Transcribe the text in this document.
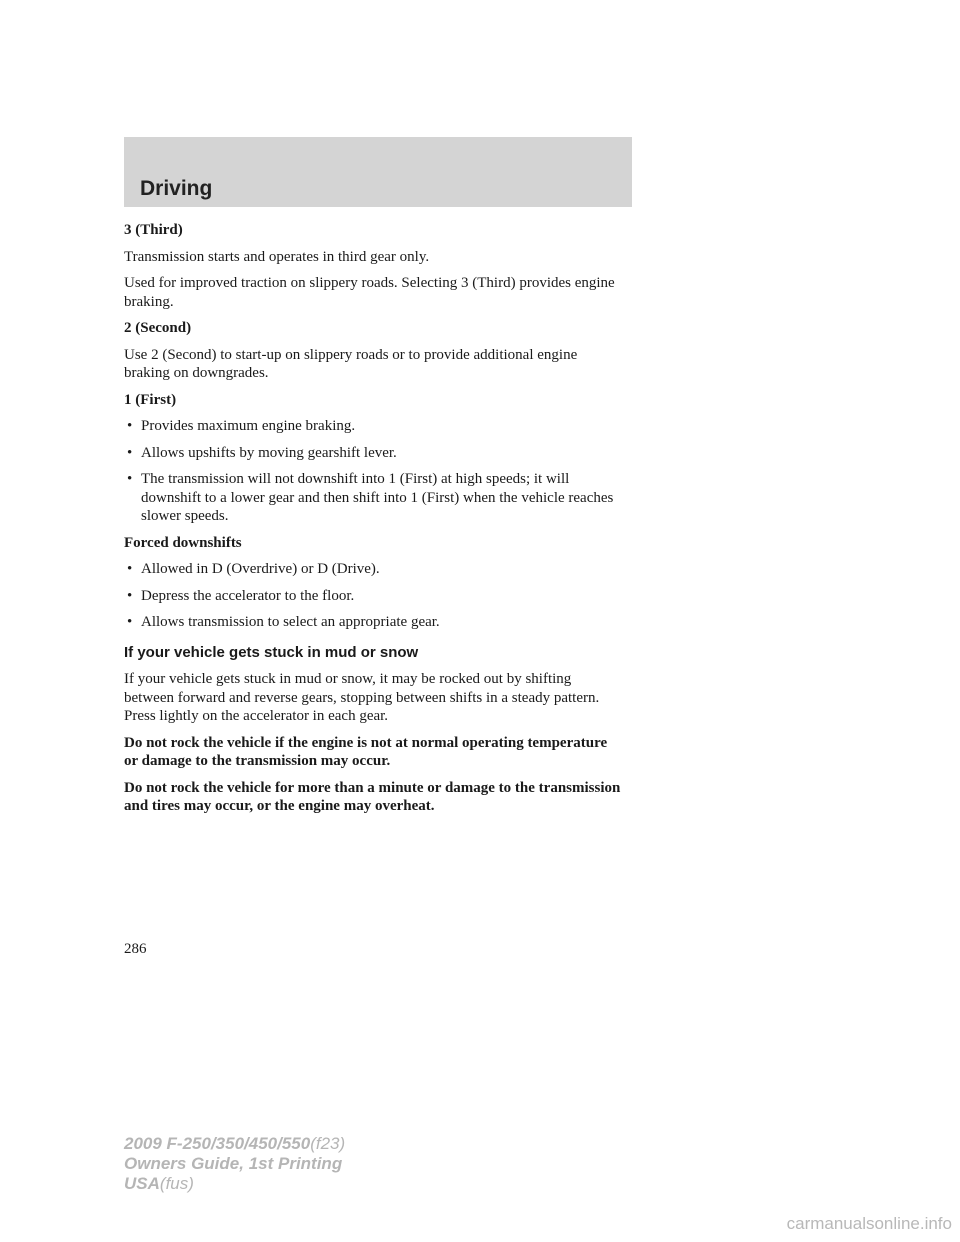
Driving
3 (Third)

Transmission starts and operates in third gear only.

Used for improved traction on slippery roads. Selecting 3 (Third) provides engine braking.

2 (Second)

Use 2 (Second) to start-up on slippery roads or to provide additional engine braking on downgrades.

1 (First)
• Provides maximum engine braking.
• Allows upshifts by moving gearshift lever.
• The transmission will not downshift into 1 (First) at high speeds; it will downshift to a lower gear and then shift into 1 (First) when the vehicle reaches slower speeds.
Forced downshifts
• Allowed in D (Overdrive) or D (Drive).
• Depress the accelerator to the floor.
• Allows transmission to select an appropriate gear.
If your vehicle gets stuck in mud or snow

If your vehicle gets stuck in mud or snow, it may be rocked out by shifting between forward and reverse gears, stopping between shifts in a steady pattern. Press lightly on the accelerator in each gear.

Do not rock the vehicle if the engine is not at normal operating temperature or damage to the transmission may occur.

Do not rock the vehicle for more than a minute or damage to the transmission and tires may occur, or the engine may overheat.

286
2009 F-250/350/450/550(f23)
Owners Guide, 1st Printing
USA(fus)
carmanualsonline.info
